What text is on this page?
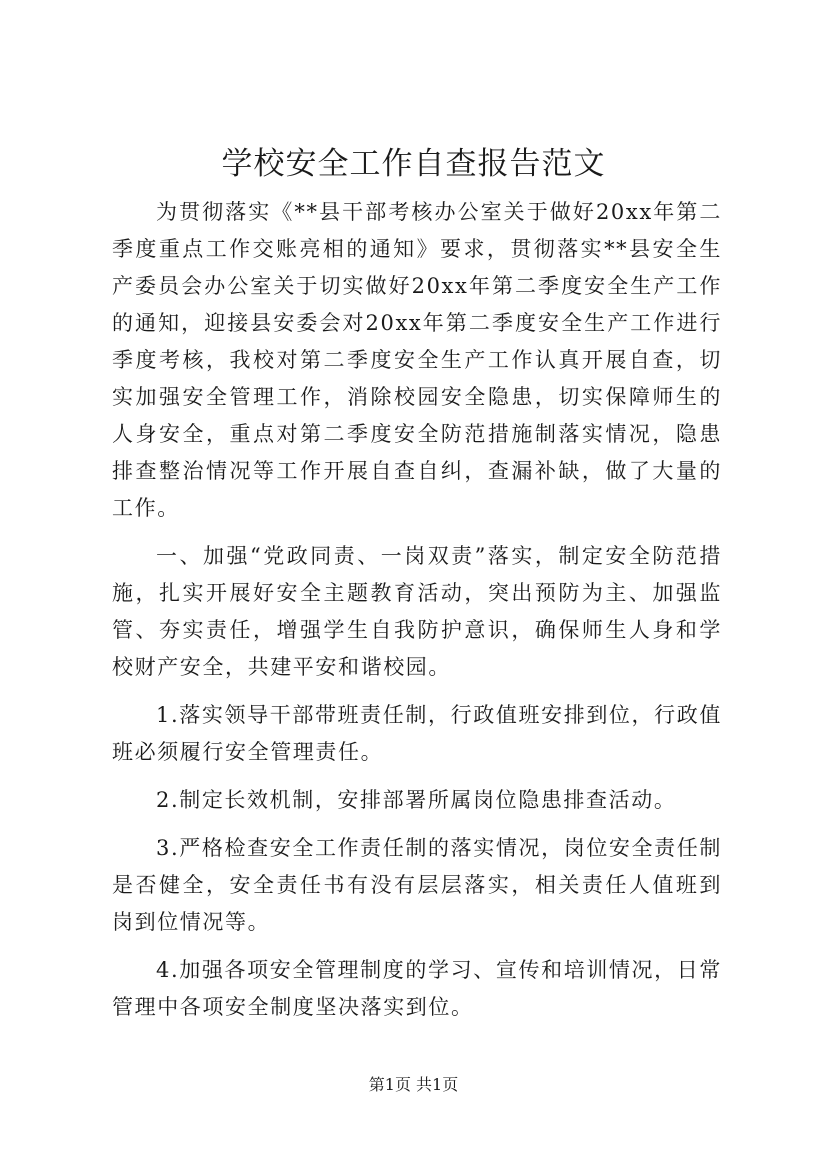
学校安全工作自查报告范文

为贯彻落实《**县干部考核办公室关于做好20xx年第二季度重点工作交账亮相的通知》要求，贯彻落实**县安全生产委员会办公室关于切实做好20xx年第二季度安全生产工作的通知，迎接县安委会对20xx年第二季度安全生产工作进行季度考核，我校对第二季度安全生产工作认真开展自查，切实加强安全管理工作，消除校园安全隐患，切实保障师生的人身安全，重点对第二季度安全防范措施制落实情况，隐患排查整治情况等工作开展自查自纠，查漏补缺，做了大量的工作。

一、加强“党政同责、一岗双责”落实，制定安全防范措施，扎实开展好安全主题教育活动，突出预防为主、加强监管、夯实责任，增强学生自我防护意识，确保师生人身和学校财产安全，共建平安和谐校园。

1.落实领导干部带班责任制，行政值班安排到位，行政值班必须履行安全管理责任。

2.制定长效机制，安排部署所属岗位隐患排查活动。

3.严格检查安全工作责任制的落实情况，岗位安全责任制是否健全，安全责任书有没有层层落实，相关责任人值班到岗到位情况等。

4.加强各项安全管理制度的学习、宣传和培训情况，日常管理中各项安全制度坚决落实到位。

第1页 共1页
